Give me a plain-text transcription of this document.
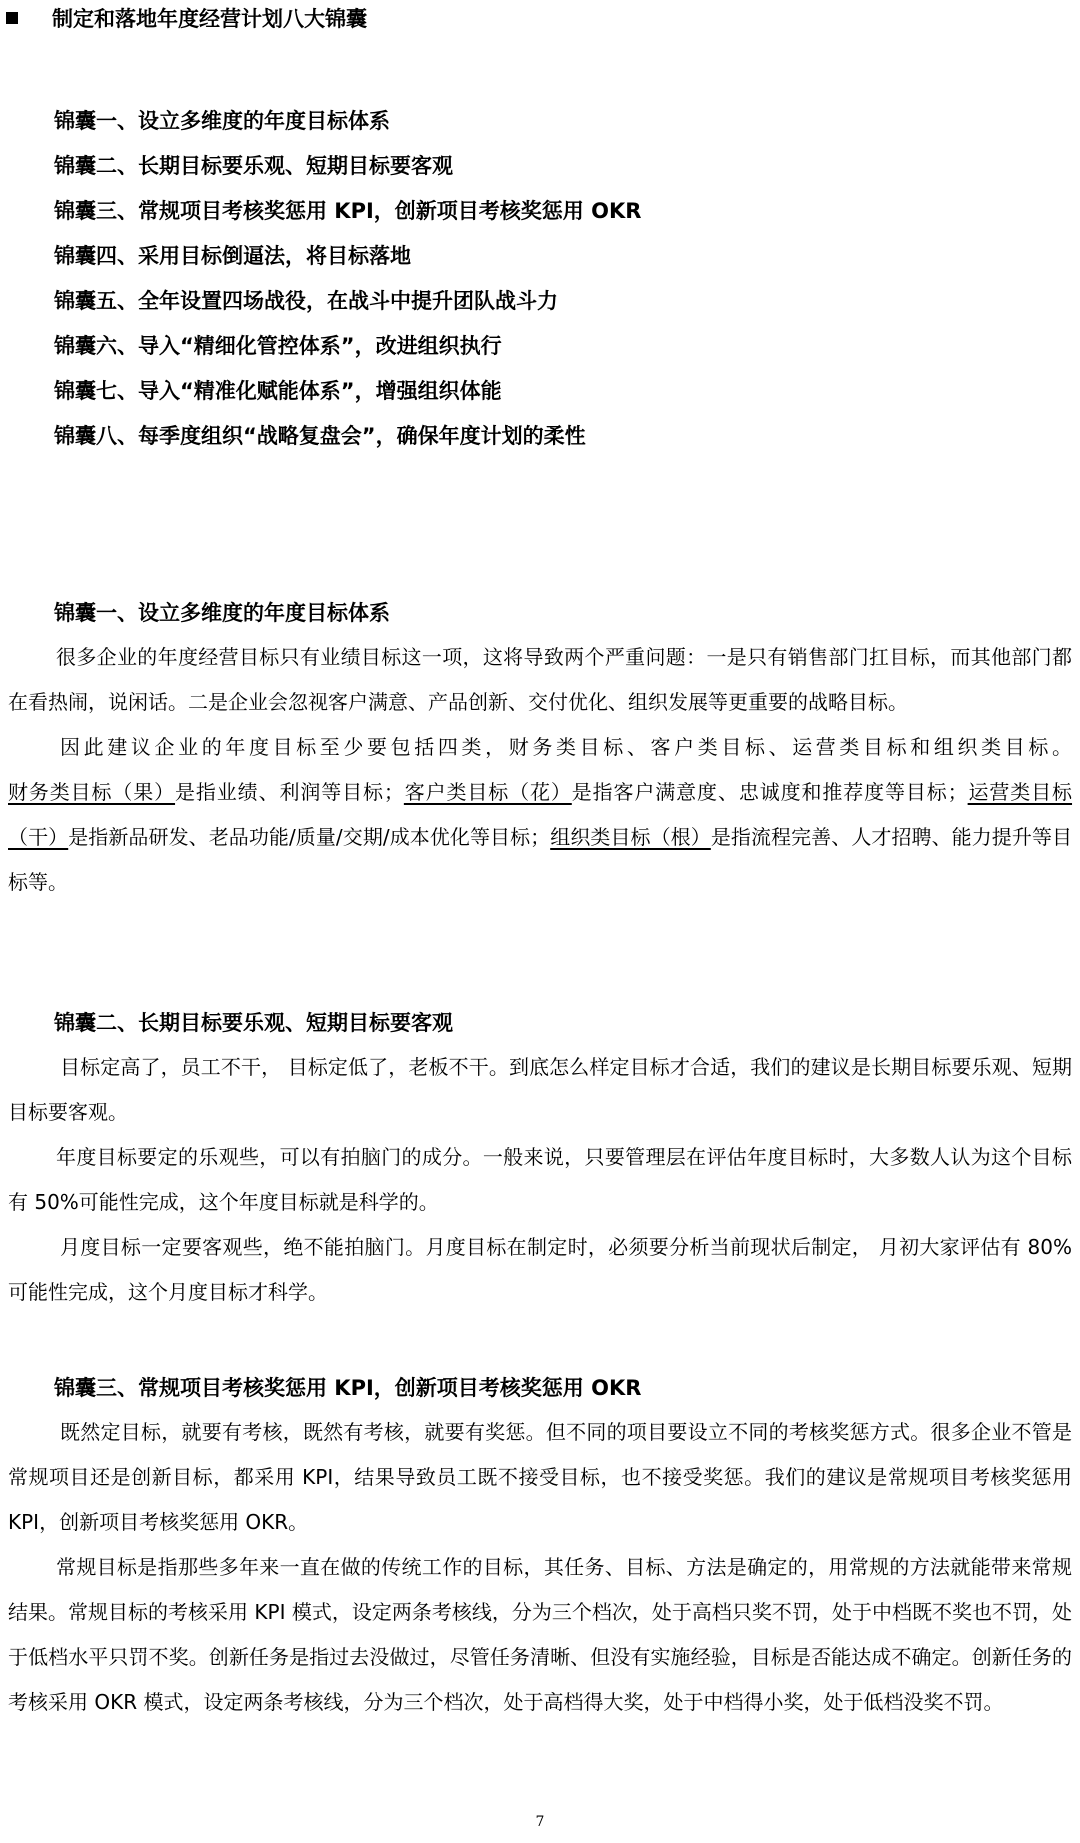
制定和落地年度经营计划八大锦囊
锦囊一、设立多维度的年度目标体系
锦囊二、长期目标要乐观、短期目标要客观
锦囊三、常规项目考核奖惩用 KPI，创新项目考核奖惩用 OKR
锦囊四、采用目标倒逼法，将目标落地
锦囊五、全年设置四场战役，在战斗中提升团队战斗力
锦囊六、导入“精细化管控体系”，改进组织执行
锦囊七、导入“精准化赋能体系”，增强组织体能
锦囊八、每季度组织“战略复盘会”，确保年度计划的柔性
锦囊一、设立多维度的年度目标体系

很多企业的年度经营目标只有业绩目标这一项，这将导致两个严重问题：一是只有销售部门扛目标，而其他部门都在看热闹，说闲话。二是企业会忽视客户满意、产品创新、交付优化、组织发展等更重要的战略目标。

因此建议企业的年度目标至少要包括四类，财务类目标、客户类目标、运营类目标和组织类目标。财务类目标（果）是指业绩、利润等目标；客户类目标（花）是指客户满意度、忠诚度和推荐度等目标；运营类目标（干）是指新品研发、老品功能/质量/交期/成本优化等目标；组织类目标（根）是指流程完善、人才招聘、能力提升等目标等。

锦囊二、长期目标要乐观、短期目标要客观

目标定高了，员工不干， 目标定低了，老板不干。到底怎么样定目标才合适，我们的建议是长期目标要乐观、短期目标要客观。

年度目标要定的乐观些，可以有拍脑门的成分。一般来说，只要管理层在评估年度目标时，大多数人认为这个目标有 50%可能性完成，这个年度目标就是科学的。

月度目标一定要客观些，绝不能拍脑门。月度目标在制定时，必须要分析当前现状后制定， 月初大家评估有 80%可能性完成，这个月度目标才科学。

锦囊三、常规项目考核奖惩用 KPI，创新项目考核奖惩用 OKR

既然定目标，就要有考核，既然有考核，就要有奖惩。但不同的项目要设立不同的考核奖惩方式。很多企业不管是常规项目还是创新目标，都采用 KPI，结果导致员工既不接受目标，也不接受奖惩。我们的建议是常规项目考核奖惩用 KPI，创新项目考核奖惩用 OKR。

常规目标是指那些多年来一直在做的传统工作的目标，其任务、目标、方法是确定的，用常规的方法就能带来常规结果。常规目标的考核采用 KPI 模式，设定两条考核线，分为三个档次，处于高档只奖不罚，处于中档既不奖也不罚，处于低档水平只罚不奖。创新任务是指过去没做过，尽管任务清晰、但没有实施经验，目标是否能达成不确定。创新任务的考核采用 OKR 模式，设定两条考核线，分为三个档次，处于高档得大奖，处于中档得小奖，处于低档没奖不罚。

7
